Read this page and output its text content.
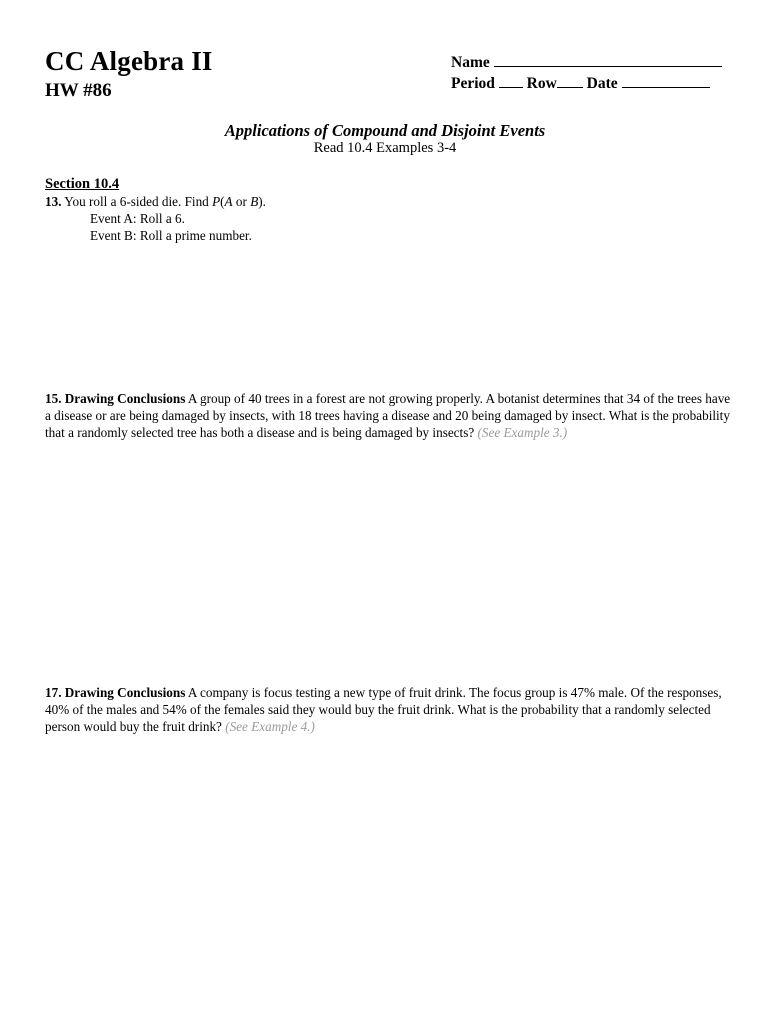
CC Algebra II
HW #86
Name
Period Row Date
Applications of Compound and Disjoint Events
Read 10.4 Examples 3-4
Section 10.4
13. You roll a 6-sided die. Find P(A or B).
Event A: Roll a 6.
Event B: Roll a prime number.
15. Drawing Conclusions A group of 40 trees in a forest are not growing properly. A botanist determines that 34 of the trees have a disease or are being damaged by insects, with 18 trees having a disease and 20 being damaged by insect. What is the probability that a randomly selected tree has both a disease and is being damaged by insects? (See Example 3.)
17. Drawing Conclusions A company is focus testing a new type of fruit drink. The focus group is 47% male. Of the responses, 40% of the males and 54% of the females said they would buy the fruit drink. What is the probability that a randomly selected person would buy the fruit drink? (See Example 4.)
